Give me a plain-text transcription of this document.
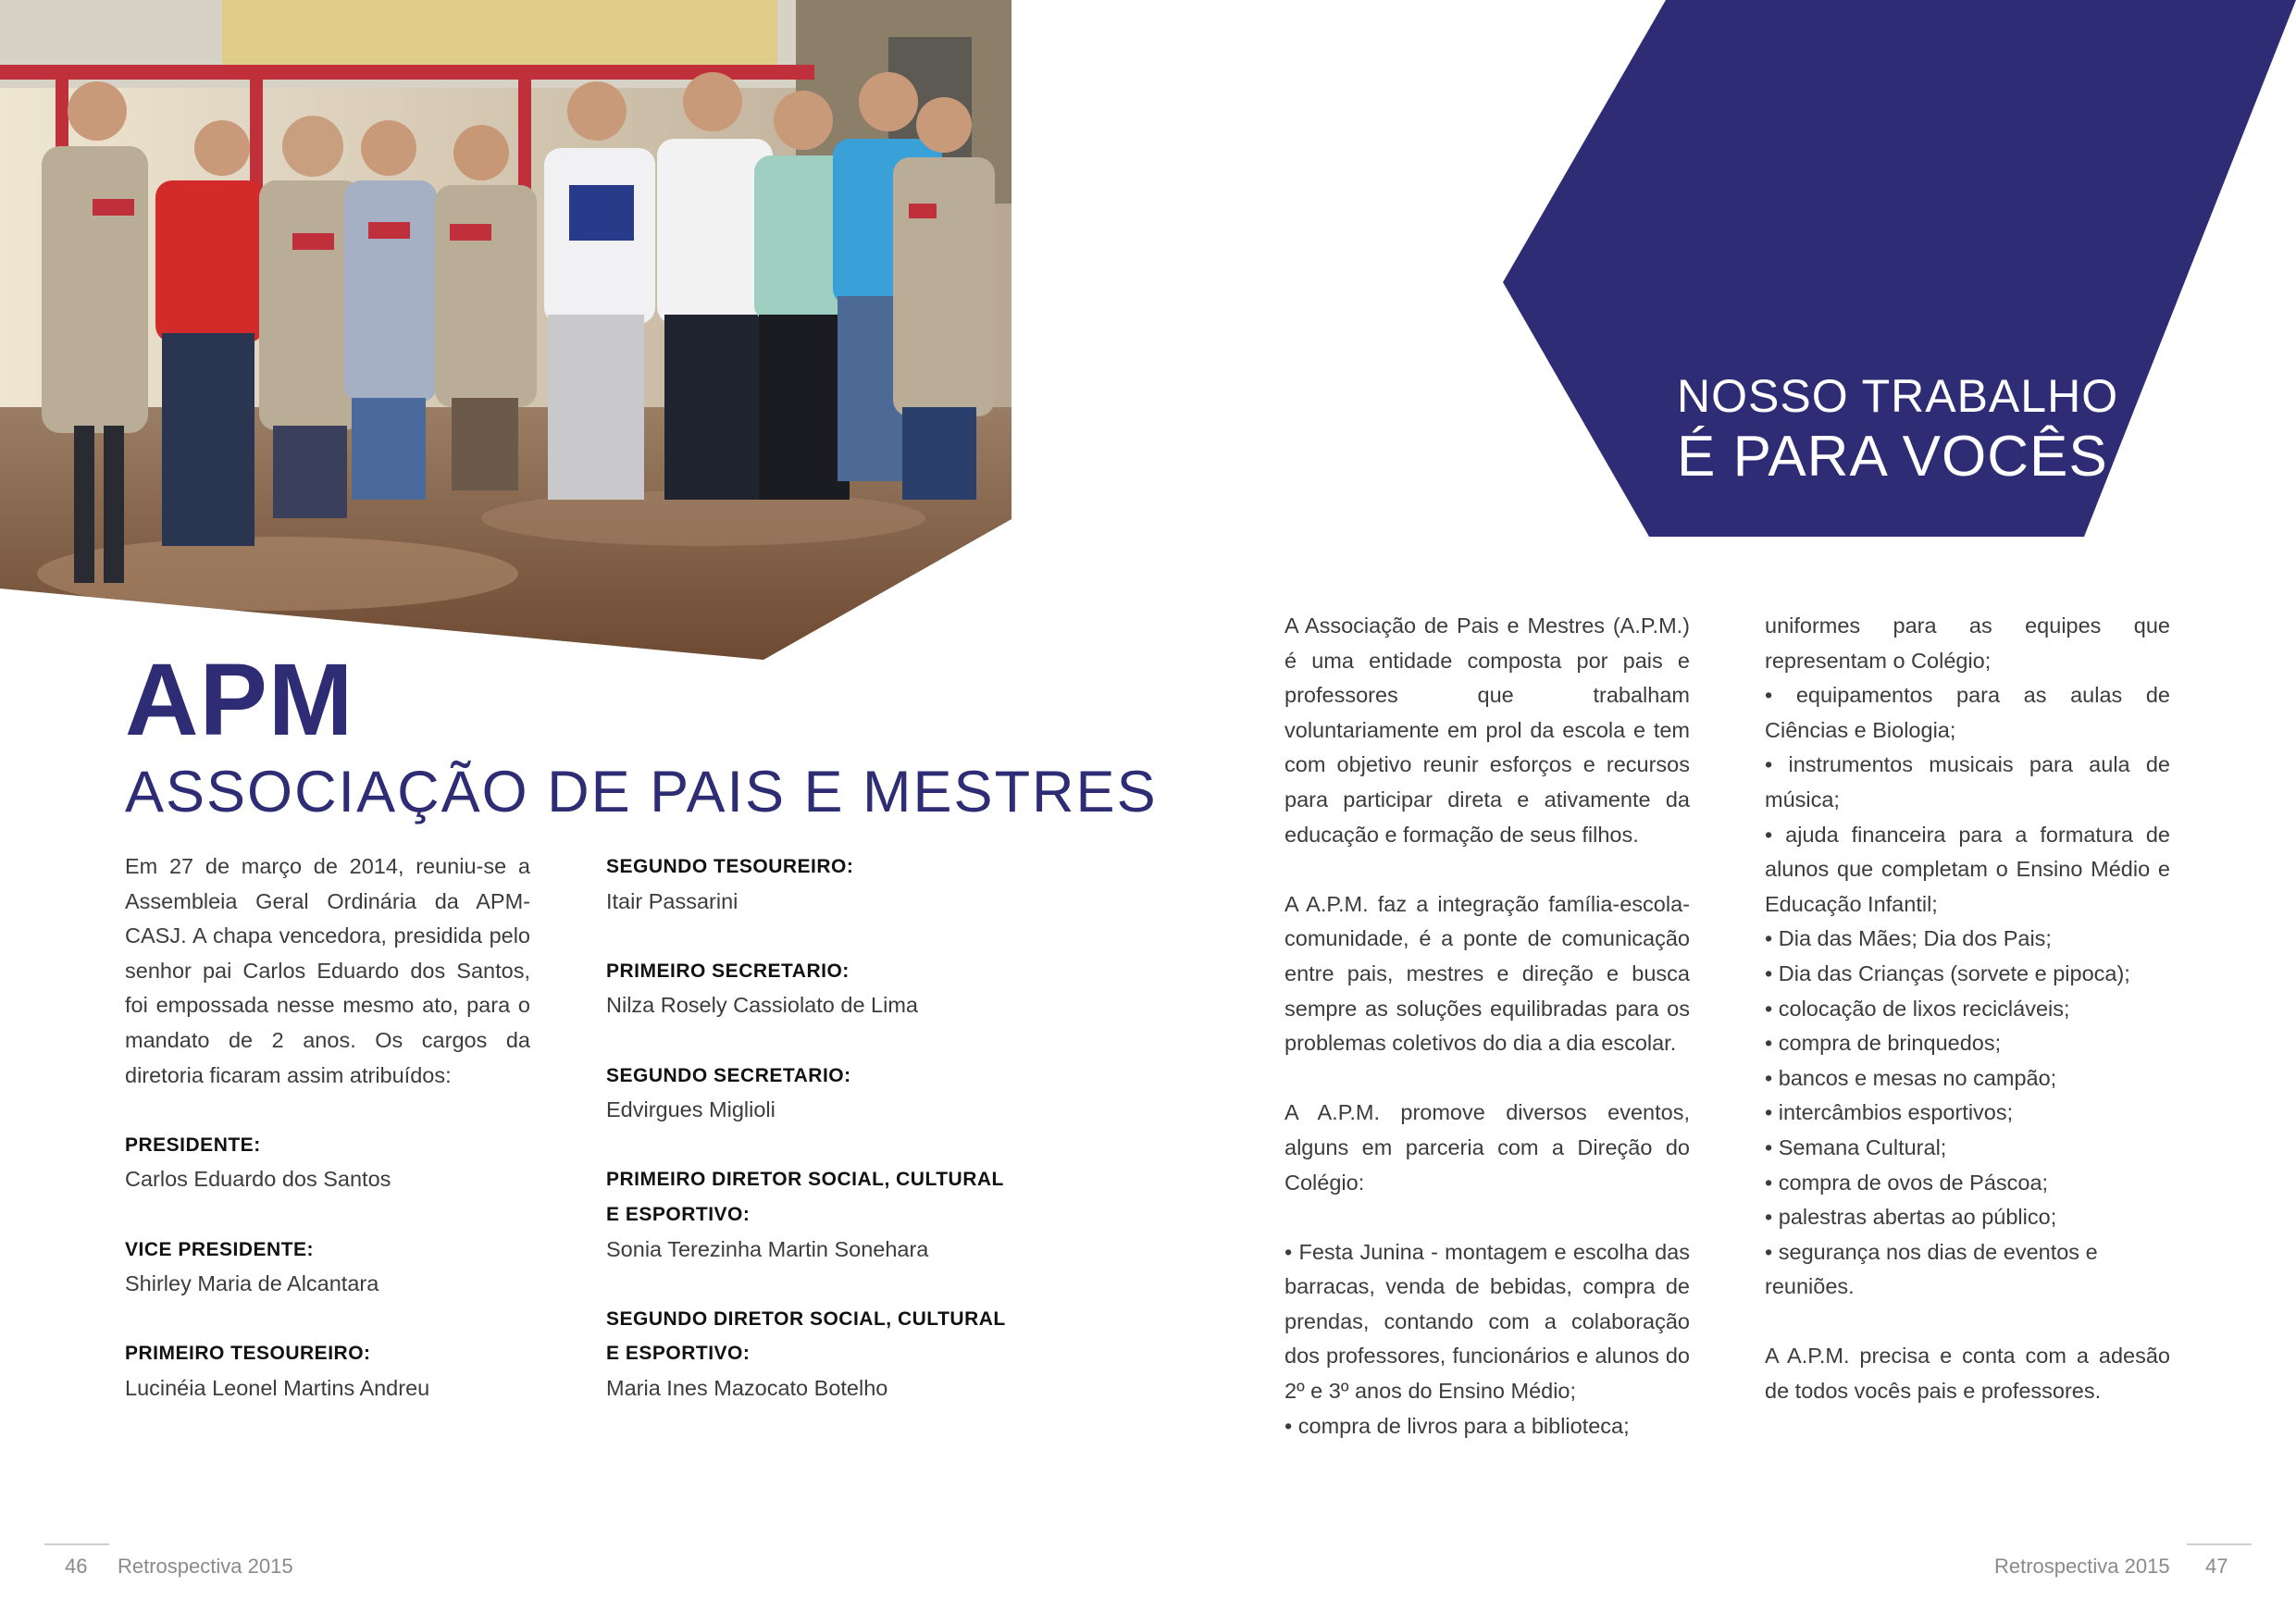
APM
ASSOCIAÇÃO DE PAIS E MESTRES

Em 27 de março de 2014, reuniu-se a Assembleia Geral Ordinária da APM-CASJ. A chapa vencedora, presidida pelo senhor pai Carlos Eduardo dos Santos, foi empossada nesse mesmo ato, para o mandato de 2 anos. Os cargos da diretoria ficaram assim atribuídos:

PRESIDENTE:

Carlos Eduardo dos Santos

VICE PRESIDENTE:

Shirley Maria de Alcantara

PRIMEIRO TESOUREIRO:

Lucinéia Leonel Martins Andreu

SEGUNDO TESOUREIRO:

Itair Passarini

PRIMEIRO SECRETARIO:

Nilza Rosely Cassiolato de Lima

SEGUNDO SECRETARIO:

Edvirgues Miglioli

PRIMEIRO DIRETOR SOCIAL, CULTURAL E ESPORTIVO:

Sonia Terezinha Martin Sonehara

SEGUNDO DIRETOR SOCIAL, CULTURAL E ESPORTIVO:

Maria Ines Mazocato Botelho

NOSSO TRABALHO
É PARA VOCÊS

A Associação de Pais e Mestres (A.P.M.) é uma entidade composta por pais e professores que trabalham voluntariamente em prol da escola e tem com objetivo reunir esforços e recursos para participar direta e ativamente da educação e formação de seus filhos.

A A.P.M. faz a integração família-escola-comunidade, é a ponte de comunicação entre pais, mestres e direção e busca sempre as soluções equilibradas para os problemas coletivos do dia a dia escolar.

A A.P.M. promove diversos eventos, alguns em parceria com a Direção do Colégio:

• Festa Junina - montagem e escolha das barracas, venda de bebidas, compra de prendas, contando com a colaboração dos professores, funcionários e alunos do 2º e 3º anos do Ensino Médio;

• compra de livros para a biblioteca;

uniformes para as equipes que representam o Colégio;

• equipamentos para as aulas de Ciências e Biologia;

• instrumentos musicais para aula de música;

• ajuda financeira para a formatura de alunos que completam o Ensino Médio e Educação Infantil;

• Dia das Mães; Dia dos Pais;

• Dia das Crianças (sorvete e pipoca);

• colocação de lixos recicláveis;

• compra de brinquedos;

• bancos e mesas no campão;

• intercâmbios esportivos;

• Semana Cultural;

• compra de ovos de Páscoa;

• palestras abertas ao público;

• segurança nos dias de eventos e reuniões.

A A.P.M. precisa e conta com a adesão de todos vocês pais e professores.

46 Retrospectiva 2015	Retrospectiva 2015 47
